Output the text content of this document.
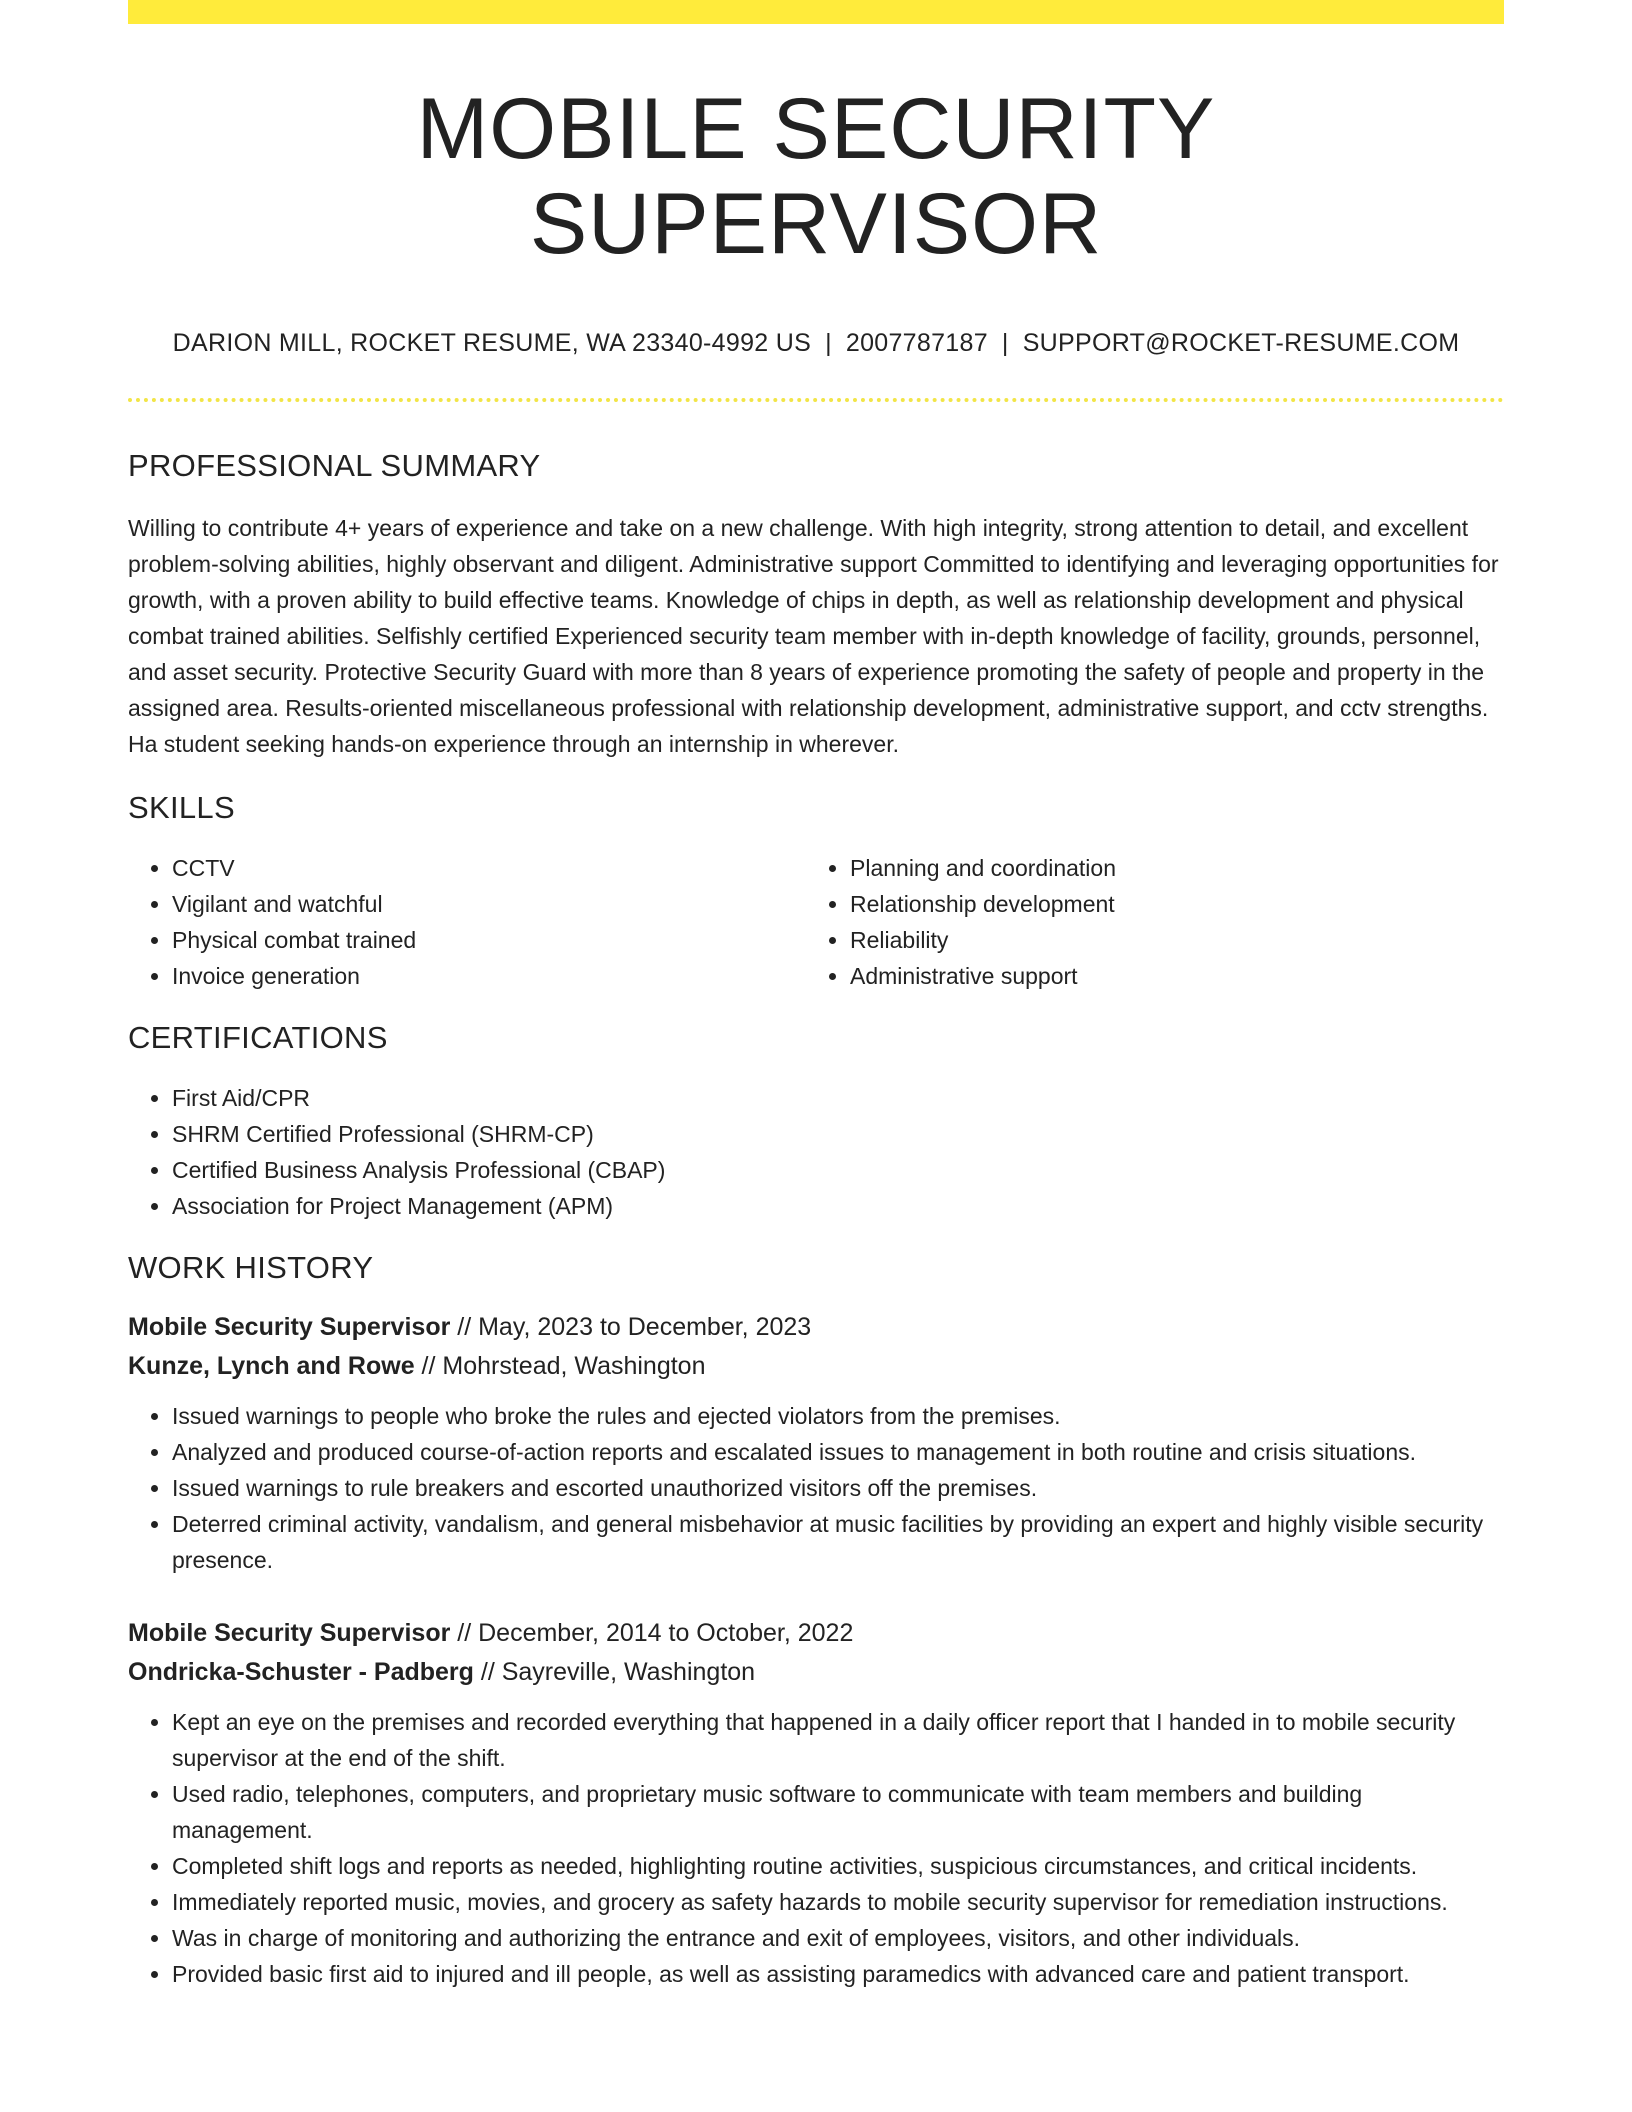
MOBILE SECURITY SUPERVISOR
DARION MILL, ROCKET RESUME, WA 23340-4992 US | 2007787187 | SUPPORT@ROCKET-RESUME.COM
PROFESSIONAL SUMMARY

Willing to contribute 4+ years of experience and take on a new challenge. With high integrity, strong attention to detail, and excellent problem-solving abilities, highly observant and diligent. Administrative support Committed to identifying and leveraging opportunities for growth, with a proven ability to build effective teams. Knowledge of chips in depth, as well as relationship development and physical combat trained abilities. Selfishly certified Experienced security team member with in-depth knowledge of facility, grounds, personnel, and asset security. Protective Security Guard with more than 8 years of experience promoting the safety of people and property in the assigned area. Results-oriented miscellaneous professional with relationship development, administrative support, and cctv strengths. Ha student seeking hands-on experience through an internship in wherever.

SKILLS
• CCTV
• Vigilant and watchful
• Physical combat trained
• Invoice generation
• Planning and coordination
• Relationship development
• Reliability
• Administrative support
CERTIFICATIONS
• First Aid/CPR
• SHRM Certified Professional (SHRM-CP)
• Certified Business Analysis Professional (CBAP)
• Association for Project Management (APM)
WORK HISTORY
Mobile Security Supervisor // May, 2023 to December, 2023
Kunze, Lynch and Rowe // Mohrstead, Washington
• Issued warnings to people who broke the rules and ejected violators from the premises.
• Analyzed and produced course-of-action reports and escalated issues to management in both routine and crisis situations.
• Issued warnings to rule breakers and escorted unauthorized visitors off the premises.
• Deterred criminal activity, vandalism, and general misbehavior at music facilities by providing an expert and highly visible security presence.
Mobile Security Supervisor // December, 2014 to October, 2022
Ondricka-Schuster - Padberg // Sayreville, Washington
• Kept an eye on the premises and recorded everything that happened in a daily officer report that I handed in to mobile security supervisor at the end of the shift.
• Used radio, telephones, computers, and proprietary music software to communicate with team members and building management.
• Completed shift logs and reports as needed, highlighting routine activities, suspicious circumstances, and critical incidents.
• Immediately reported music, movies, and grocery as safety hazards to mobile security supervisor for remediation instructions.
• Was in charge of monitoring and authorizing the entrance and exit of employees, visitors, and other individuals.
• Provided basic first aid to injured and ill people, as well as assisting paramedics with advanced care and patient transport.
